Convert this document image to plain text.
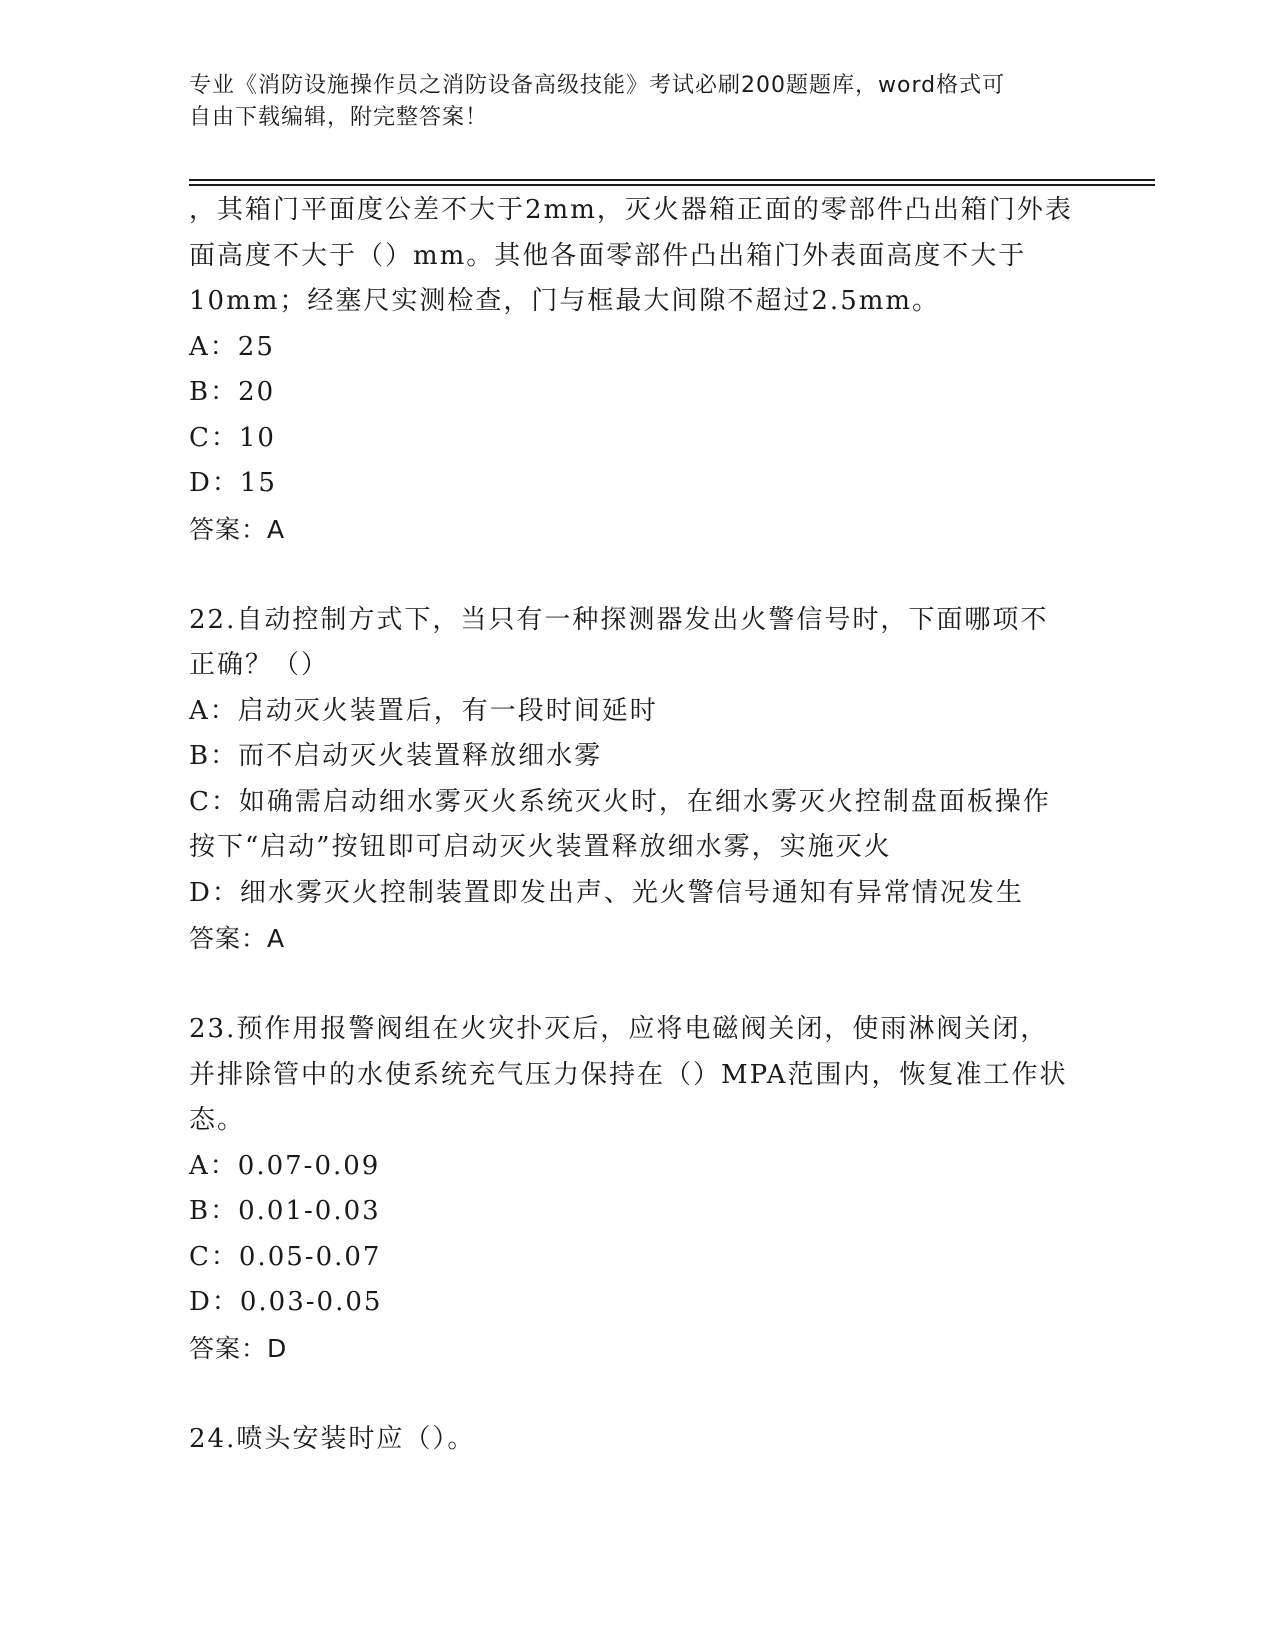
专业《消防设施操作员之消防设备高级技能》考试必刷200题题库，word格式可
自由下载编辑，附完整答案！

，其箱门平面度公差不大于2mm，灭火器箱正面的零部件凸出箱门外表

面高度不大于（）mm。其他各面零部件凸出箱门外表面高度不大于

10mm；经塞尺实测检查，门与框最大间隙不超过2.5mm。

A：25

B：20

C：10

D：15

答案：A

22.自动控制方式下，当只有一种探测器发出火警信号时，下面哪项不

正确？（）

A：启动灭火装置后，有一段时间延时

B：而不启动灭火装置释放细水雾

C：如确需启动细水雾灭火系统灭火时，在细水雾灭火控制盘面板操作

按下“启动”按钮即可启动灭火装置释放细水雾，实施灭火

D：细水雾灭火控制装置即发出声、光火警信号通知有异常情况发生

答案：A

23.预作用报警阀组在火灾扑灭后，应将电磁阀关闭，使雨淋阀关闭，

并排除管中的水使系统充气压力保持在（）MPA范围内，恢复准工作状

态。

A：0.07-0.09

B：0.01-0.03

C：0.05-0.07

D：0.03-0.05

答案：D

24.喷头安装时应（）。
